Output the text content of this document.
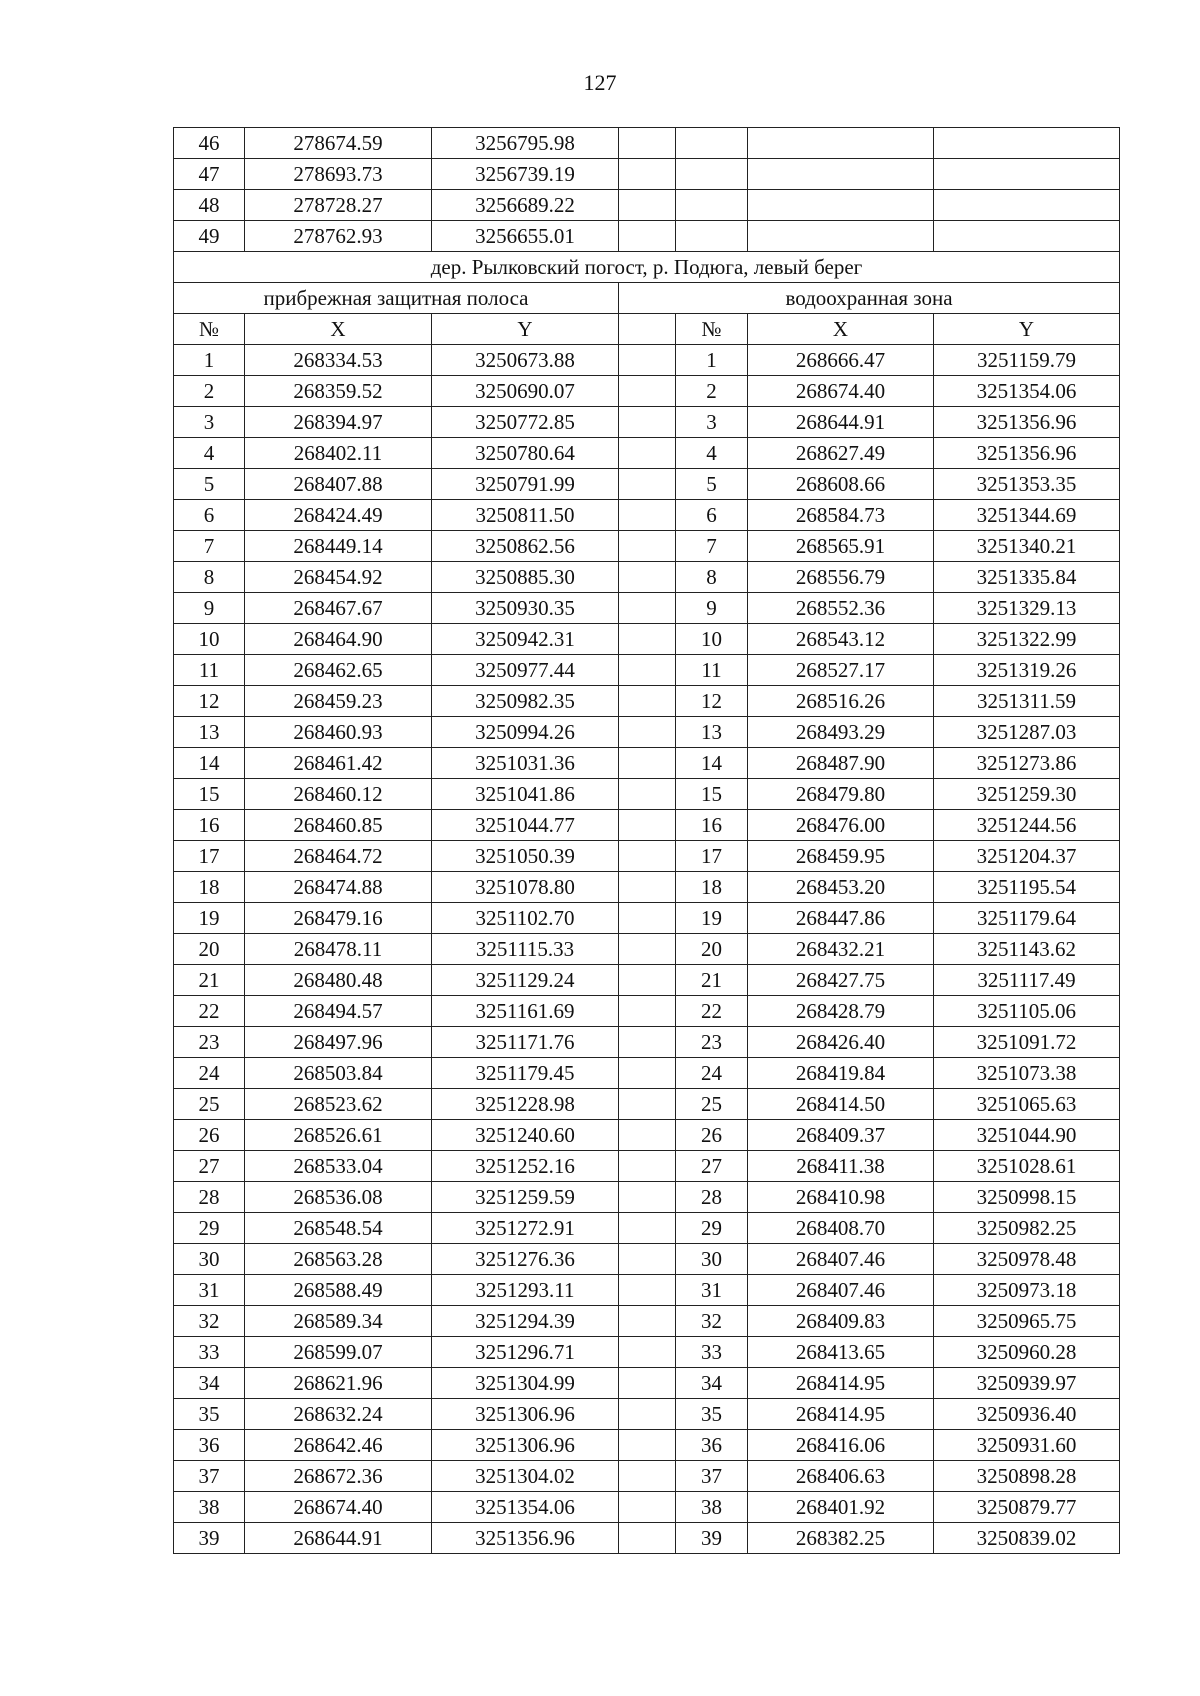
127
46	278674.59	3256795.98				
47	278693.73	3256739.19				
48	278728.27	3256689.22				
49	278762.93	3256655.01				
дер. Рылковский погост, р. Подюга, левый берег						
прибрежная защитная полоса			водоохранная зона			
№	X	Y		№	X	Y
1	268334.53	3250673.88		1	268666.47	3251159.79
2	268359.52	3250690.07		2	268674.40	3251354.06
3	268394.97	3250772.85		3	268644.91	3251356.96
4	268402.11	3250780.64		4	268627.49	3251356.96
5	268407.88	3250791.99		5	268608.66	3251353.35
6	268424.49	3250811.50		6	268584.73	3251344.69
7	268449.14	3250862.56		7	268565.91	3251340.21
8	268454.92	3250885.30		8	268556.79	3251335.84
9	268467.67	3250930.35		9	268552.36	3251329.13
10	268464.90	3250942.31		10	268543.12	3251322.99
11	268462.65	3250977.44		11	268527.17	3251319.26
12	268459.23	3250982.35		12	268516.26	3251311.59
13	268460.93	3250994.26		13	268493.29	3251287.03
14	268461.42	3251031.36		14	268487.90	3251273.86
15	268460.12	3251041.86		15	268479.80	3251259.30
16	268460.85	3251044.77		16	268476.00	3251244.56
17	268464.72	3251050.39		17	268459.95	3251204.37
18	268474.88	3251078.80		18	268453.20	3251195.54
19	268479.16	3251102.70		19	268447.86	3251179.64
20	268478.11	3251115.33		20	268432.21	3251143.62
21	268480.48	3251129.24		21	268427.75	3251117.49
22	268494.57	3251161.69		22	268428.79	3251105.06
23	268497.96	3251171.76		23	268426.40	3251091.72
24	268503.84	3251179.45		24	268419.84	3251073.38
25	268523.62	3251228.98		25	268414.50	3251065.63
26	268526.61	3251240.60		26	268409.37	3251044.90
27	268533.04	3251252.16		27	268411.38	3251028.61
28	268536.08	3251259.59		28	268410.98	3250998.15
29	268548.54	3251272.91		29	268408.70	3250982.25
30	268563.28	3251276.36		30	268407.46	3250978.48
31	268588.49	3251293.11		31	268407.46	3250973.18
32	268589.34	3251294.39		32	268409.83	3250965.75
33	268599.07	3251296.71		33	268413.65	3250960.28
34	268621.96	3251304.99		34	268414.95	3250939.97
35	268632.24	3251306.96		35	268414.95	3250936.40
36	268642.46	3251306.96		36	268416.06	3250931.60
37	268672.36	3251304.02		37	268406.63	3250898.28
38	268674.40	3251354.06		38	268401.92	3250879.77
39	268644.91	3251356.96		39	268382.25	3250839.02
